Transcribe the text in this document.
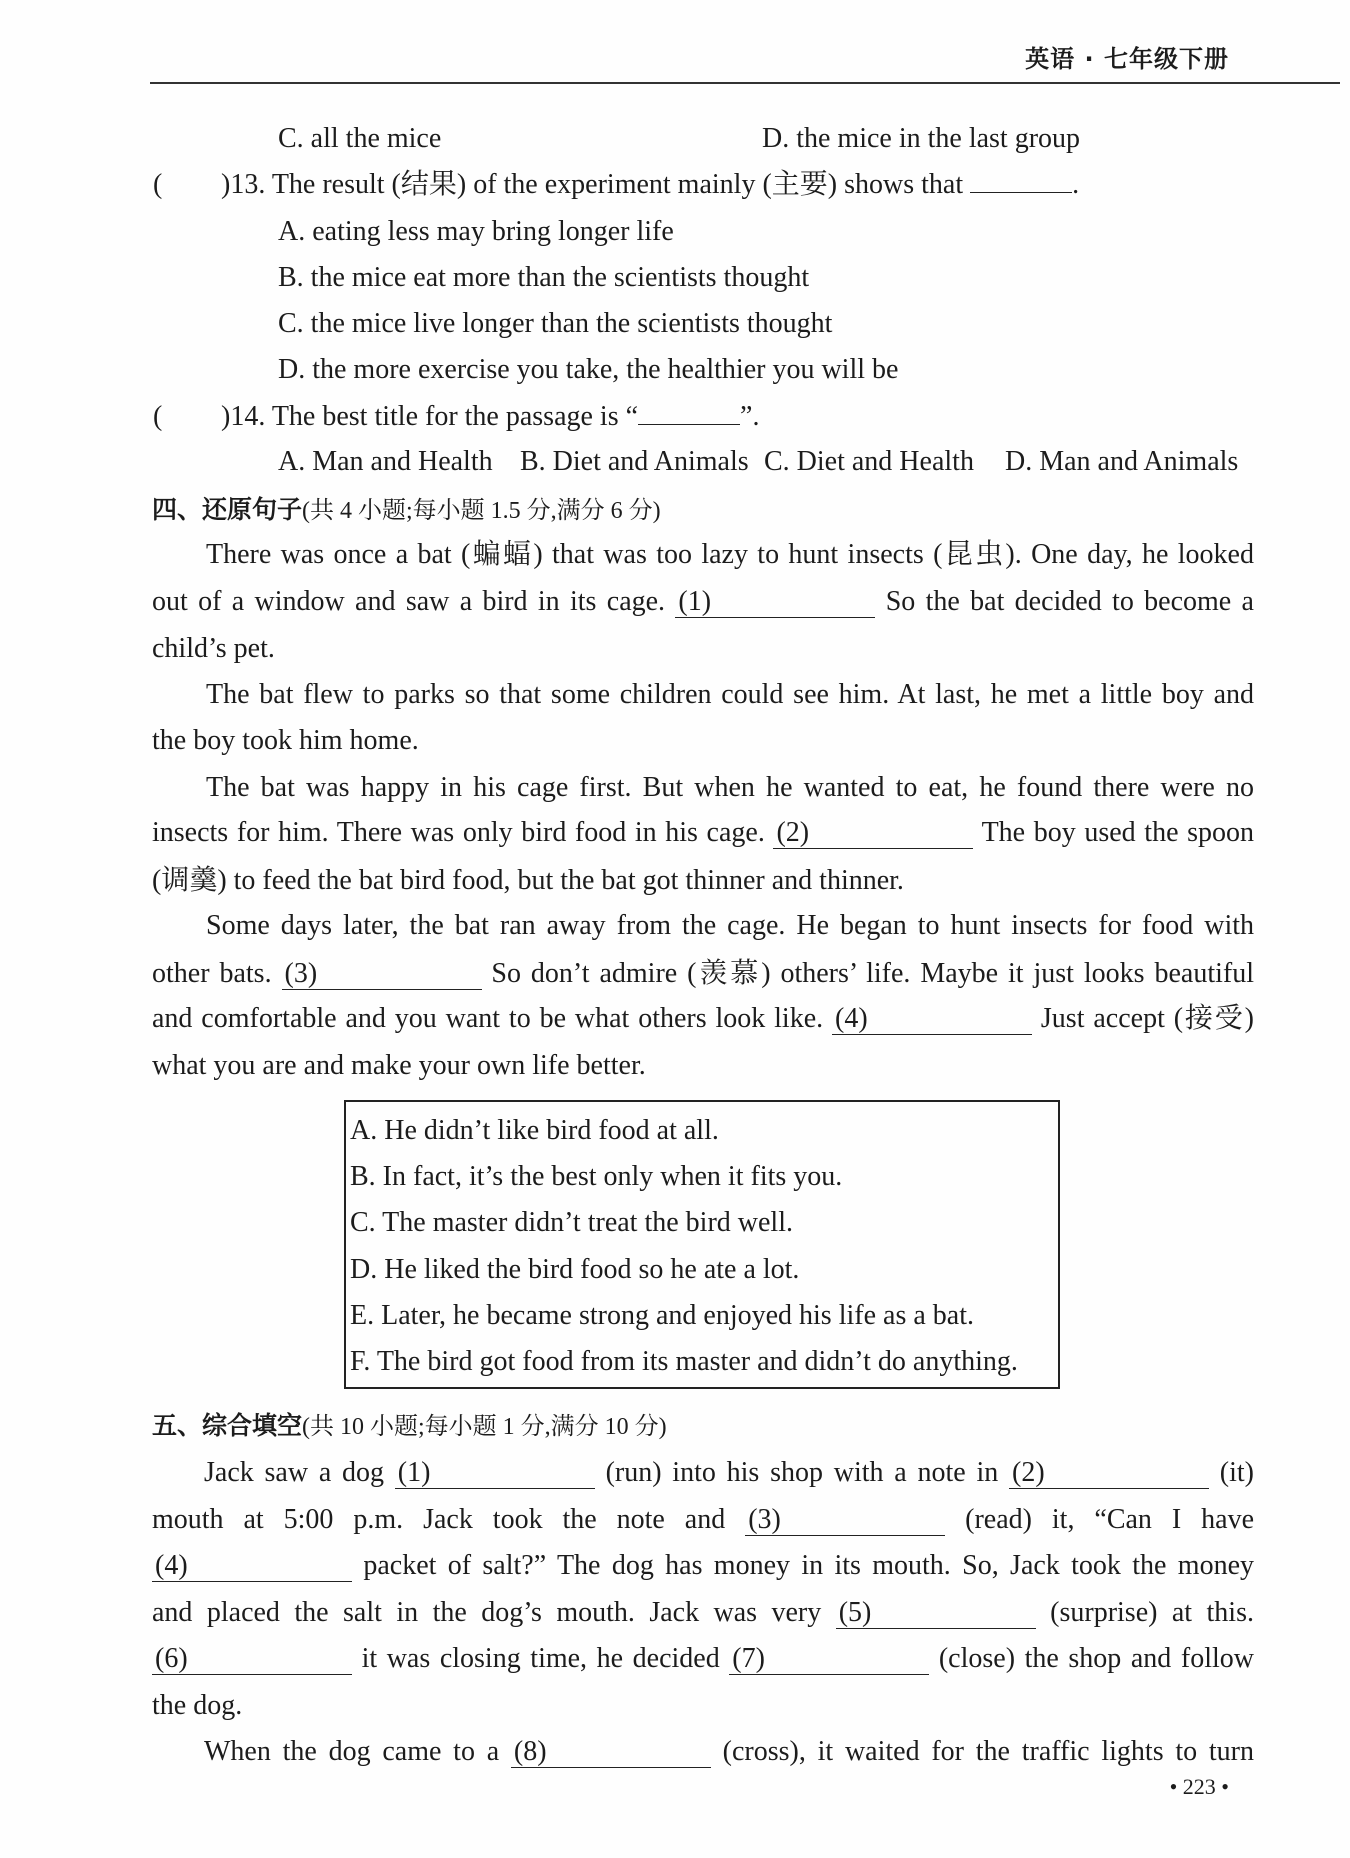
英语 · 七年级下册
C. all the mice	D. the mice in the last group
( )13. The result (结果) of the experiment mainly (主要) shows that	.
A. eating less may bring longer life
B. the mice eat more than the scientists thought
C. the mice live longer than the scientists thought
D. the more exercise you take, the healthier you will be
( )14. The best title for the passage is “	”.
A. Man and Health B. Diet and Animals C. Diet and Health D. Man and Animals
四、还原句子(共 4 小题;每小题 1.5 分,满分 6 分)
There was once a bat (蝙蝠) that was too lazy to hunt insects (昆虫). One day, he looked
out of a window and saw a bird in its cage. (1)	So the bat decided to become a
child’s pet.
The bat flew to parks so that some children could see him. At last, he met a little boy and
the boy took him home.
The bat was happy in his cage first. But when he wanted to eat, he found there were no
insects for him. There was only bird food in his cage. (2)	The boy used the spoon
(调羹) to feed the bat bird food, but the bat got thinner and thinner.
Some days later, the bat ran away from the cage. He began to hunt insects for food with
other bats. (3)	So don’t admire (羡慕) others’ life. Maybe it just looks beautiful
and comfortable and you want to be what others look like. (4)	Just accept (接受)
what you are and make your own life better.
A. He didn’t like bird food at all.
B. In fact, it’s the best only when it fits you.
C. The master didn’t treat the bird well.
D. He liked the bird food so he ate a lot.
E. Later, he became strong and enjoyed his life as a bat.
F. The bird got food from its master and didn’t do anything.
五、综合填空(共 10 小题;每小题 1 分,满分 10 分)
Jack saw a dog (1)	(run) into his shop with a note in (2)	(it)
mouth at 5:00 p.m. Jack took the note and (3)	(read) it, “Can I have
(4)	packet of salt?” The dog has money in its mouth. So, Jack took the money
and placed the salt in the dog’s mouth. Jack was very (5)	(surprise) at this.
(6)	it was closing time, he decided (7)	(close) the shop and follow
the dog.
When the dog came to a (8)	(cross), it waited for the traffic lights to turn
• 223 •
